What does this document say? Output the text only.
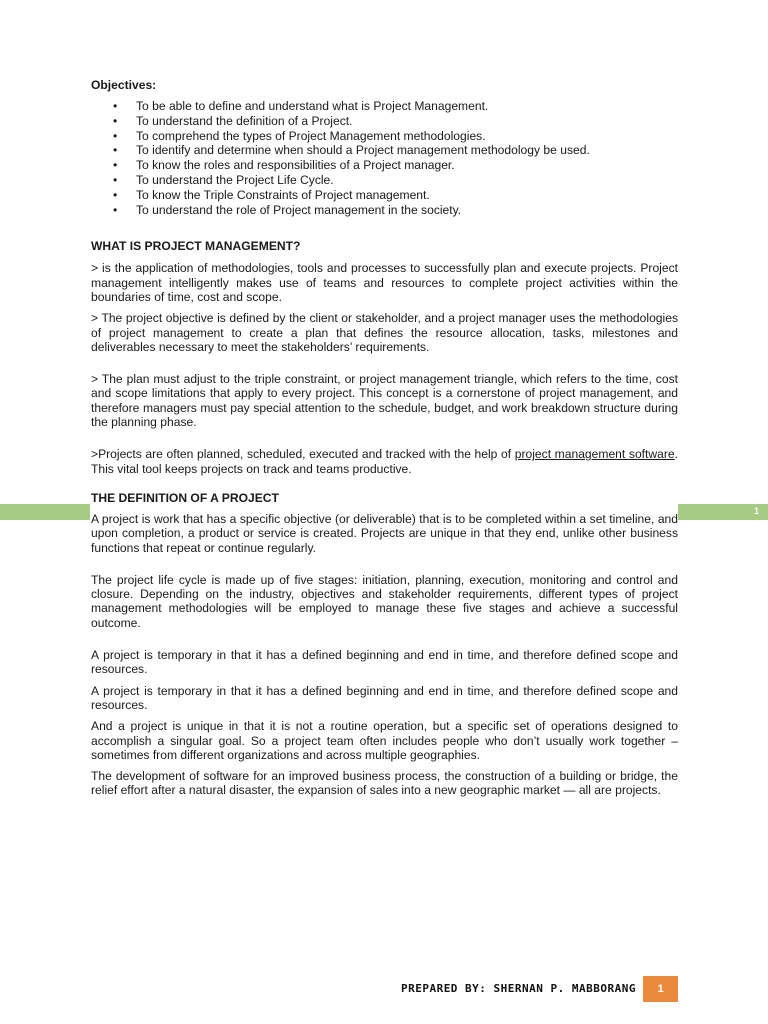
1

Objectives:

• To be able to define and understand what is Project Management.
• To understand the definition of a Project.
• To comprehend the types of Project Management methodologies.
• To identify and determine when should a Project management methodology be used.
• To know the roles and responsibilities of a Project manager.
• To understand the Project Life Cycle.
• To know the Triple Constraints of Project management.
• To understand the role of Project management in the society.

WHAT IS PROJECT MANAGEMENT?

> is the application of methodologies, tools and processes to successfully plan and execute projects. Project management intelligently makes use of teams and resources to complete project activities within the boundaries of time, cost and scope.

> The project objective is defined by the client or stakeholder, and a project manager uses the methodologies of project management to create a plan that defines the resource allocation, tasks, milestones and deliverables necessary to meet the stakeholders’ requirements.

> The plan must adjust to the triple constraint, or project management triangle, which refers to the time, cost and scope limitations that apply to every project. This concept is a cornerstone of project management, and therefore managers must pay special attention to the schedule, budget, and work breakdown structure during the planning phase.

>Projects are often planned, scheduled, executed and tracked with the help of project management software. This vital tool keeps projects on track and teams productive.

THE DEFINITION OF A PROJECT

A project is work that has a specific objective (or deliverable) that is to be completed within a set timeline, and upon completion, a product or service is created. Projects are unique in that they end, unlike other business functions that repeat or continue regularly.

The project life cycle is made up of five stages: initiation, planning, execution, monitoring and control and closure. Depending on the industry, objectives and stakeholder requirements, different types of project management methodologies will be employed to manage these five stages and achieve a successful outcome.

A project is temporary in that it has a defined beginning and end in time, and therefore defined scope and resources.

A project is temporary in that it has a defined beginning and end in time, and therefore defined scope and resources.

And a project is unique in that it is not a routine operation, but a specific set of operations designed to accomplish a singular goal. So a project team often includes people who don’t usually work together – sometimes from different organizations and across multiple geographies.

The development of software for an improved business process, the construction of a building or bridge, the relief effort after a natural disaster, the expansion of sales into a new geographic market — all are projects.

PREPARED BY: SHERNAN P. MABBORANG	1
